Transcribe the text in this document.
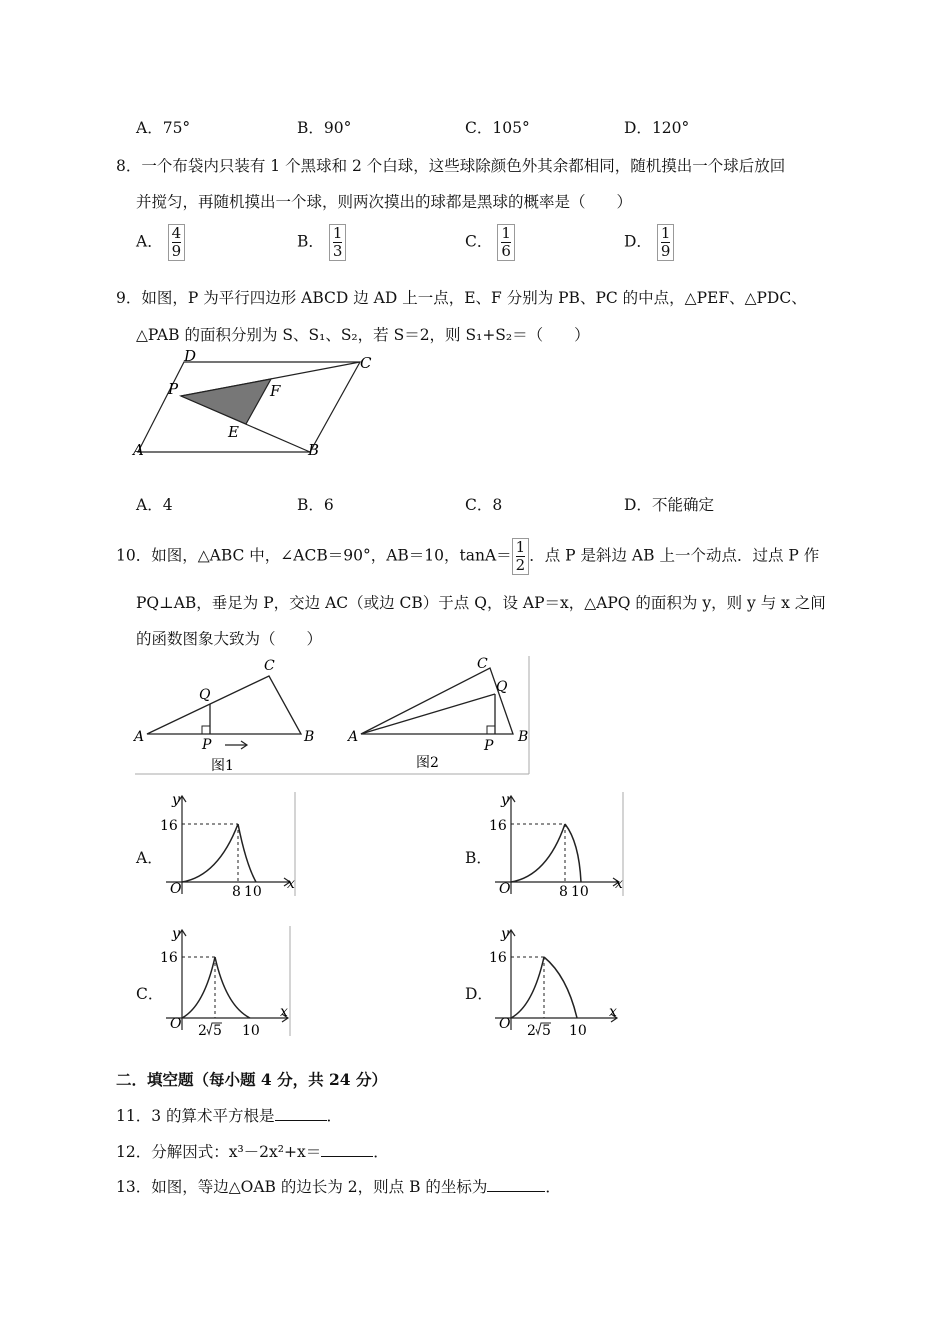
A．75°	B．90°	C．105°	D．120°
8．一个布袋内只装有 1 个黑球和 2 个白球，这些球除颜色外其余都相同，随机摸出一个球后放回
并搅匀，再随机摸出一个球，则两次摸出的球都是黑球的概率是（　　）
A． $\frac{4}{9}$	B． $\frac{1}{3}$	C． $\frac{1}{6}$	D． $\frac{1}{9}$
9．如图，P 为平行四边形 ABCD 边 AD 上一点，E、F 分别为 PB、PC 的中点，△PEF、△PDC、
△PAB 的面积分别为 S、S₁、S₂，若 S＝2，则 S₁+S₂＝（　　）
D	C
P	F
E
A	B
A．4	B．6	C．8	D．不能确定
10．如图，△ABC 中，∠ACB＝90°，AB＝10，$\tan A= \frac{1}{2}$ ．点 P 是斜边 AB 上一个动点．过点 P 作
PQ⊥AB，垂足为 P，交边 AC（或边 CB）于点 Q，设 AP＝x，△APQ 的面积为 y，则 y 与 x 之间
的函数图象大致为（　　）
A
C
B
Q
P
图1
A
C
B
Q
P
图2
A．
y
x
O
16
8 10
B．
y
x
O
16
8 10
C．
y
x
O
16
2 5 10
D．
y
x
O
16
2 5 10
二．填空题（每小题 4 分，共 24 分）
11．3 的算术平方根是	．
12．分解因式：x³－2x²+x＝	．
13．如图，等边△OAB 的边长为 2，则点 B 的坐标为	．
